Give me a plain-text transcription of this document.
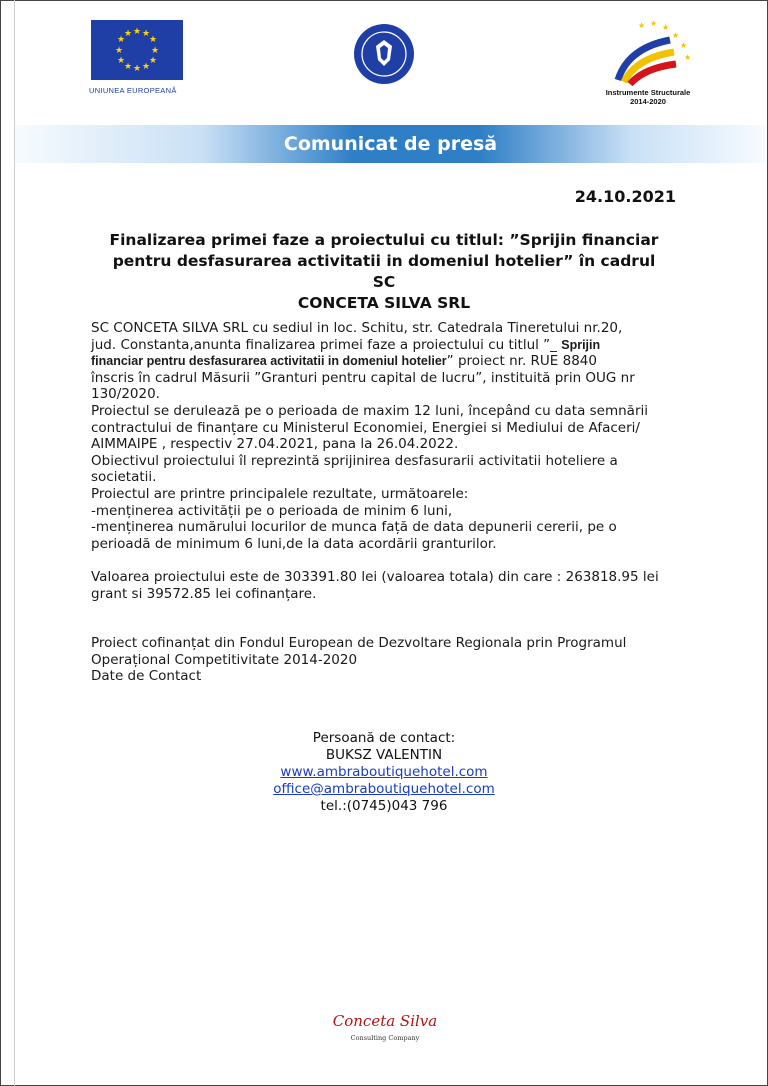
★ ★
★
★
★
★
★
★
★
★
★
★
UNIUNEA EUROPEANĂ
★ ★ ★
★
★
★
Instrumente Structurale
2014-2020
Comunicat de presă
24.10.2021
Finalizarea primei faze a proiectului cu titlul: ”Sprijin financiar
pentru desfasurarea activitatii in domeniul hotelier” în cadrul SC
CONCETA SILVA SRL

SC CONCETA SILVA SRL cu sediul in loc. Schitu, str. Catedrala Tineretului nr.20,

jud. Constanta,anunta finalizarea primei faze a proiectului cu titlul ”_ Sprijin

financiar pentru desfasurarea activitatii in domeniul hotelier” proiect nr. RUE 8840

înscris în cadrul Măsurii ”Granturi pentru capital de lucru”, instituită prin OUG nr

130/2020.

Proiectul se derulează pe o perioada de maxim 12 luni, începând cu data semnării

contractului de finanțare cu Ministerul Economiei, Energiei si Mediului de Afaceri/

AIMMAIPE , respectiv 27.04.2021, pana la 26.04.2022.

Obiectivul proiectului îl reprezintă sprijinirea desfasurarii activitatii hoteliere a

societatii.

Proiectul are printre principalele rezultate, următoarele:

-menținerea activității pe o perioada de minim 6 luni,

-menținerea numărului locurilor de munca față de data depunerii cererii, pe o

perioadă de minimum 6 luni,de la data acordării granturilor.

Valoarea proiectului este de 303391.80 lei (valoarea totala) din care : 263818.95 lei

grant si 39572.85 lei cofinanțare.

Proiect cofinanțat din Fondul European de Dezvoltare Regionala prin Programul

Operațional Competitivitate 2014-2020

Date de Contact

Persoană de contact:
BUKSZ VALENTIN
www.ambraboutiquehotel.com
office@ambraboutiquehotel.com
tel.:(0745)043 796
Conceta Silva
Consulting Company
